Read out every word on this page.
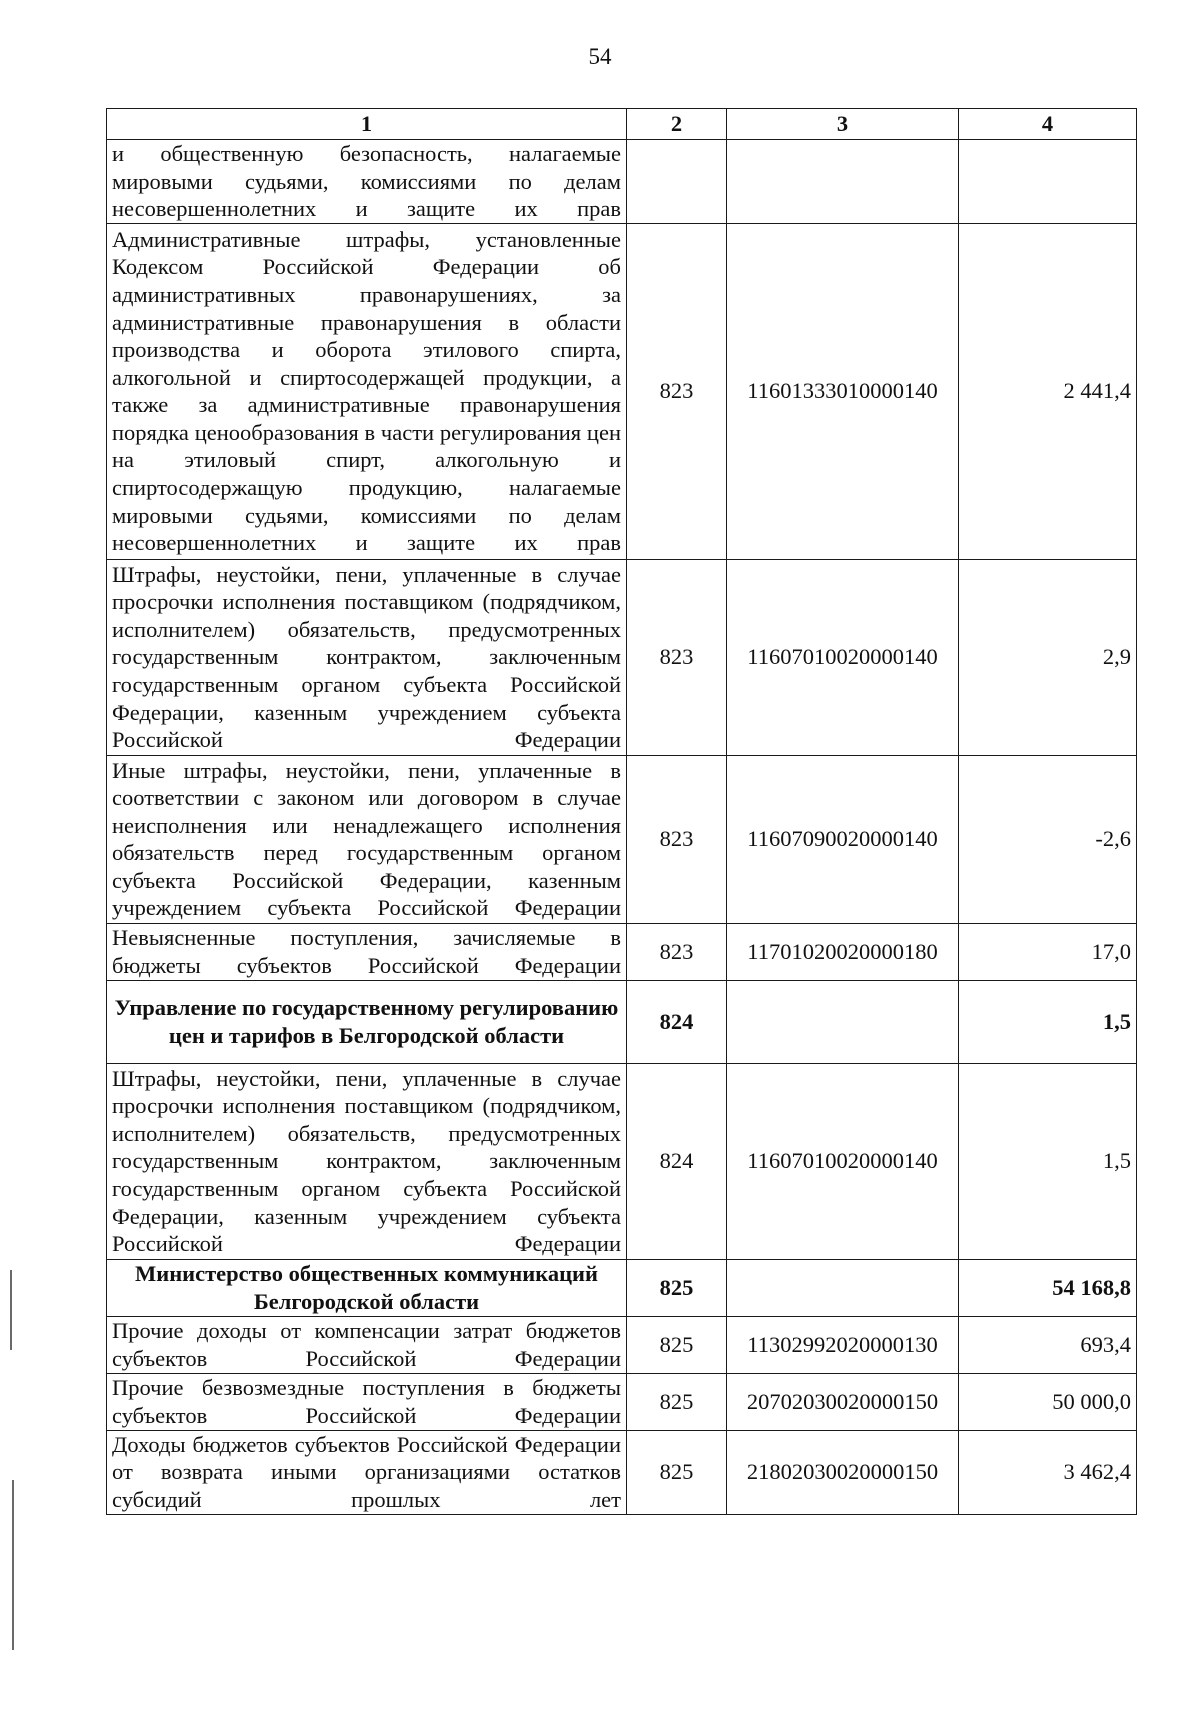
54
1	2	3	4
и общественную безопасность, налагаемые мировыми судьями, комиссиями по делам несовершеннолетних и защите их прав			
Административные штрафы, установленные Кодексом Российской Федерации об административных правонарушениях, за административные правонарушения в области производства и оборота этилового спирта, алкогольной и спиртосодержащей продукции, а также за административные правонарушения порядка ценообразования в части регулирования цен на этиловый спирт, алкогольную и спиртосодержащую продукцию, налагаемые мировыми судьями, комиссиями по делам несовершеннолетних и защите их прав	823	11601333010000140	2 441,4
Штрафы, неустойки, пени, уплаченные в случае просрочки исполнения поставщиком (подрядчиком, исполнителем) обязательств, предусмотренных государственным контрактом, заключенным государственным органом субъекта Российской Федерации, казенным учреждением субъекта Российской Федерации	823	11607010020000140	2,9
Иные штрафы, неустойки, пени, уплаченные в соответствии с законом или договором в случае неисполнения или ненадлежащего исполнения обязательств перед государственным органом субъекта Российской Федерации, казенным учреждением субъекта Российской Федерации	823	11607090020000140	-2,6
Невыясненные поступления, зачисляемые в бюджеты субъектов Российской Федерации	823	11701020020000180	17,0
Управление по государственному регулированию цен и тарифов в Белгородской области	824		1,5
Штрафы, неустойки, пени, уплаченные в случае просрочки исполнения поставщиком (подрядчиком, исполнителем) обязательств, предусмотренных государственным контрактом, заключенным государственным органом субъекта Российской Федерации, казенным учреждением субъекта Российской Федерации	824	11607010020000140	1,5
Министерство общественных коммуникаций Белгородской области	825		54 168,8
Прочие доходы от компенсации затрат бюджетов субъектов Российской Федерации	825	11302992020000130	693,4
Прочие безвозмездные поступления в бюджеты субъектов Российской Федерации	825	20702030020000150	50 000,0
Доходы бюджетов субъектов Российской Федерации от возврата иными организациями остатков субсидий прошлых лет	825	21802030020000150	3 462,4
